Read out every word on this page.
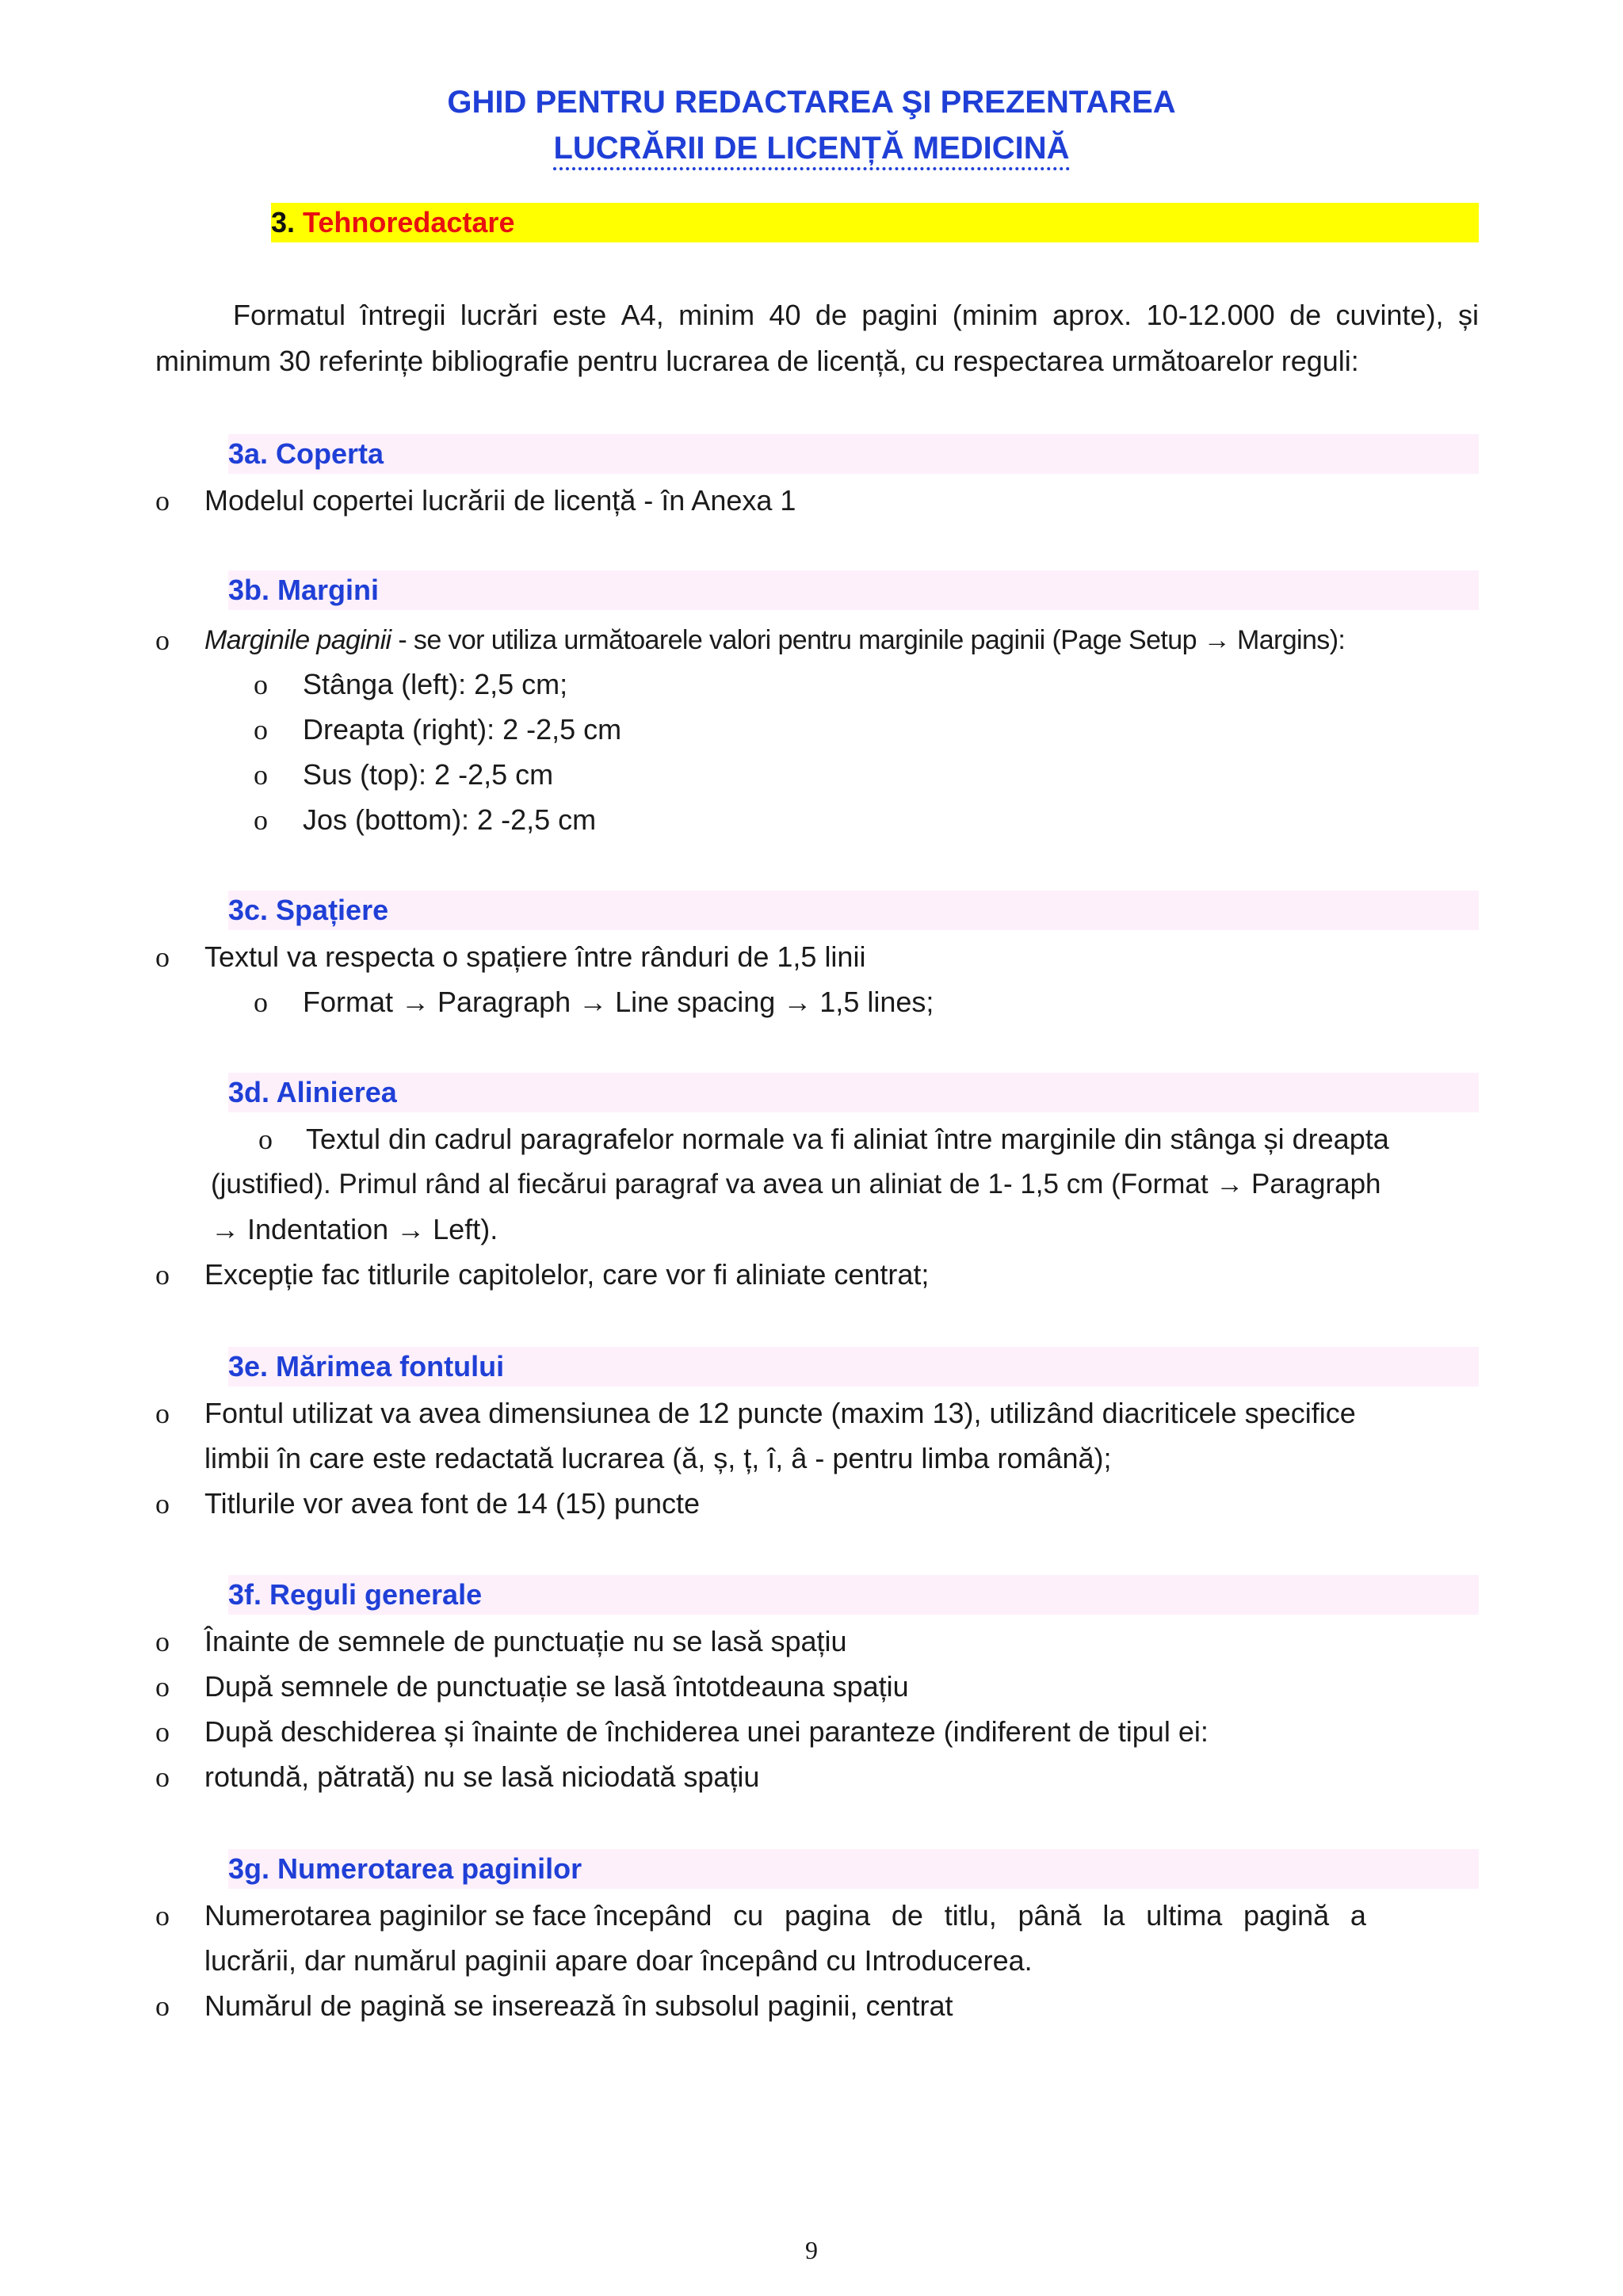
GHID PENTRU REDACTAREA ŞI PREZENTAREA
LUCRĂRII DE LICENȚĂ MEDICINĂ
3. Tehnoredactare
Formatul întregii lucrări este A4, minim 40 de pagini (minim aprox. 10-12.000 de cuvinte), și
minimum 30 referințe bibliografie pentru lucrarea de licență, cu respectarea următoarelor reguli:
3a. Coperta
o Modelul copertei lucrării de licență - în Anexa 1
3b. Margini
o Marginile paginii - se vor utiliza următoarele valori pentru marginile paginii (Page Setup → Margins):
o Stânga (left): 2,5 cm;
o Dreapta (right): 2 -2,5 cm
o Sus (top): 2 -2,5 cm
o Jos (bottom): 2 -2,5 cm
3c. Spațiere
o Textul va respecta o spațiere între rânduri de 1,5 linii
o Format → Paragraph → Line spacing → 1,5 lines;
3d. Alinierea
o Textul din cadrul paragrafelor normale va fi aliniat între marginile din stânga și dreapta
(justified). Primul rând al fiecărui paragraf va avea un aliniat de 1- 1,5 cm (Format → Paragraph
→ Indentation → Left).
o Excepție fac titlurile capitolelor, care vor fi aliniate centrat;
3e. Mărimea fontului
o Fontul utilizat va avea dimensiunea de 12 puncte (maxim 13), utilizând diacriticele specifice
limbii în care este redactată lucrarea (ă, ș, ț, î, â - pentru limba română);
o Titlurile vor avea font de 14 (15) puncte
3f. Reguli generale
o Înainte de semnele de punctuație nu se lasă spațiu
o După semnele de punctuație se lasă întotdeauna spațiu
o După deschiderea și înainte de închiderea unei paranteze (indiferent de tipul ei:
o rotundă, pătrată) nu se lasă niciodată spațiu
3g. Numerotarea paginilor
o Numerotarea paginilor se face începând cu pagina de titlu, până la ultima pagină a
lucrării, dar numărul paginii apare doar începând cu Introducerea.
o Numărul de pagină se inserează în subsolul paginii, centrat
9
